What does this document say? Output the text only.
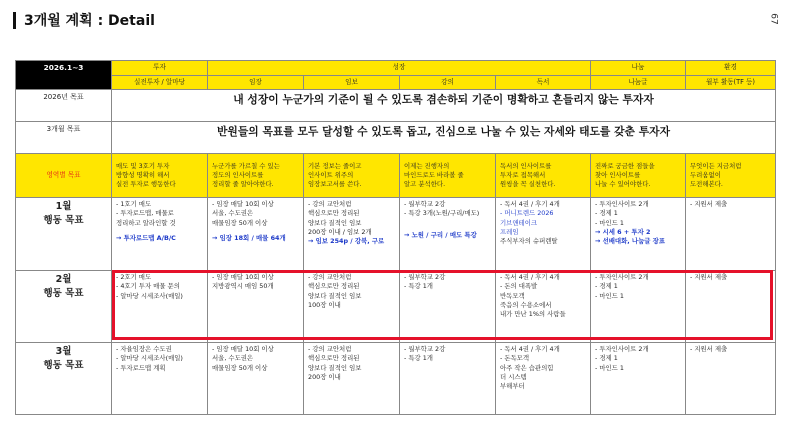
3개월 계획 : Detail	67
2026.1~3	투자	성장				나눔	환경
	실전투자 / 알마당	임장	임보	강의	독서	나눔글	월부 활동(TF 등)
2026년 목표	내 성장이 누군가의 기준이 될 수 있도록 겸손하되 기준이 명확하고 흔들리지 않는 투자자						
3개월 목표	반원들의 목표를 모두 달성할 수 있도록 돕고, 진심으로 나눌 수 있는 자세와 태도를 갖춘 투자자						
영역별 목표	매도 및 3호기 투자
방향성 명확히 해서
실전 투자로 행동한다	누군가를 가르칠 수 있는
정도의 인사이트를
정리할 줄 알아야한다.	기본 정보는 줄이고
인사이트 위주의
임장보고서를 쓴다.	이제는 진행자의
마인드로도 바라볼 줄
알고 분석한다.	독서의 인사이트를
투자로 접목해서
원씽을 꼭 실천한다.	진짜로 궁금한 점들을
찾아 인사이트를
나눌 수 있어야한다.	무엇이든 지금처럼
두려움없이
도전해본다.

1월
행동 목표	- 1호기 매도
- 투자로드맵, 매물로
정리하고 알라인할 것
→ 투자로드맵 A/B/C	- 임장 매달 10회 이상
서울, 수도권은
매물임장 50개 이상
→ 임장 18회 / 매물 64개	- 강의 교안처럼
핵심으로만 정리된
양보다 질적인 임보
200장 이내 / 임보 2개
→ 임보 254p / 강북, 구로	- 월부학교 2강
- 특강 3개(노원/구리/매도)
→ 노원 / 구리 / 매도 특강	- 독서 4권 / 후기 4개
- 머니트렌드 2026
기브앤테이크
프레임
주식부자의 슈퍼렌탈	- 투자인사이트 2개
- 경제 1
- 마인드 1
→ 시세 6 + 투자 2
→ 선배대화, 나눔글 장표	- 지원서 제출

2월
행동 목표	- 2호기 매도
- 4호기 투자 매물 문의
- 알마당 시세조사(매일)	- 임장 매달 10회 이상
지방광역시 매임 50개	- 강의 교안처럼
핵심으로만 정리된
양보다 질적인 임보
100장 이내	- 월부학교 2강
- 특강 1개	- 독서 4권 / 후기 4개
- 돈의 대폭발
반독모객
죽음의 수용소에서
내가 만난 1%의 사람들	- 투자인사이트 2개
- 경제 1
- 마인드 1	- 지원서 제출

3월
행동 목표	- 자율임장은 수도권
- 알마당 시세조사(매일)
- 투자로드맵 계획	- 임장 매달 10회 이상
서울, 수도권은
매물임장 50개 이상	- 강의 교안처럼
핵심으로만 정리된
양보다 질적인 임보
200장 이내	- 월부학교 2강
- 특강 1개	- 독서 4권 / 후기 4개
- 돈독모객
아주 작은 습관의힘
더 시스템
부해부터	- 투자인사이트 2개
- 경제 1
- 마인드 1	- 지원서 제출
